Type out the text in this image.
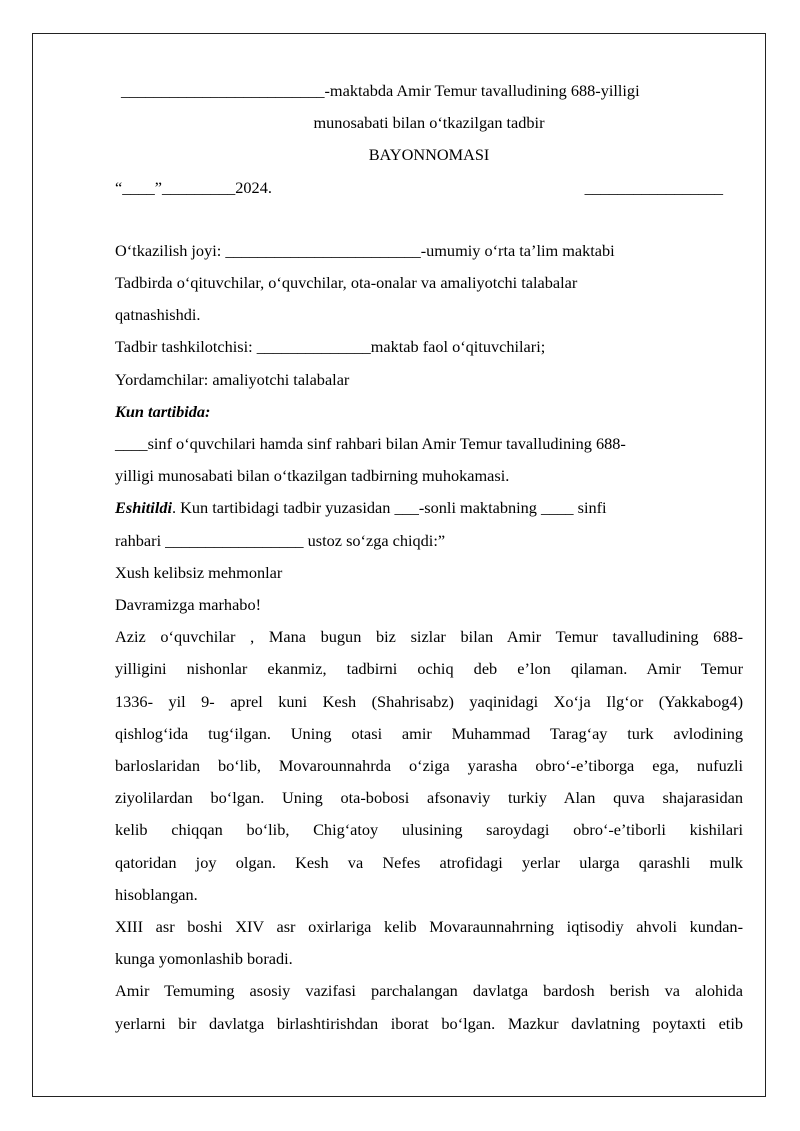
_________________________-maktabda Amir Temur tavalludining 688-yilligi
munosabati bilan o‘tkazilgan tadbir
BAYONNOMASI
“____”_________2024.	_________________
O‘tkazilish joyi: ________________________-umumiy o‘rta ta’lim maktabi
Tadbirda o‘qituvchilar, o‘quvchilar, ota-onalar va amaliyotchi talabalar
qatnashishdi.
Tadbir tashkilotchisi: ______________maktab faol o‘qituvchilari;
Yordamchilar: amaliyotchi talabalar
Kun tartibida:
____sinf o‘quvchilari hamda sinf rahbari bilan Amir Temur tavalludining 688-
yilligi munosabati bilan o‘tkazilgan tadbirning muhokamasi.
Eshitildi. Kun tartibidagi tadbir yuzasidan ___-sonli maktabning ____ sinfi
rahbari _________________ ustoz so‘zga chiqdi:”
Xush kelibsiz mehmonlar
Davramizga marhabo!
Aziz o‘quvchilar , Mana bugun biz sizlar bilan Amir Temur tavalludining 688-
yilligini nishonlar ekanmiz, tadbirni ochiq deb e’lon qilaman. Amir Temur
1336- yil 9- aprel kuni Kesh (Shahrisabz) yaqinidagi Xo‘ja Ilg‘or (Yakkabog4)
qishlog‘ida tug‘ilgan. Uning otasi amir Muhammad Tarag‘ay turk avlodining
barloslaridan bo‘lib, Movarounnahrda o‘ziga yarasha obro‘-e’tiborga ega, nufuzli
ziyolilardan bo‘lgan. Uning ota-bobosi afsonaviy turkiy Alan quva shajarasidan
kelib chiqqan bo‘lib, Chig‘atoy ulusining saroydagi obro‘-e’tiborli kishilari
qatoridan joy olgan. Kesh va Nefes atrofidagi yerlar ularga qarashli mulk
hisoblangan.
XIII asr boshi XIV asr oxirlariga kelib Movaraunnahrning iqtisodiy ahvoli kundan-
kunga yomonlashib boradi.
Amir Temuming asosiy vazifasi parchalangan davlatga bardosh berish va alohida
yerlarni bir davlatga birlashtirishdan iborat bo‘lgan. Mazkur davlatning poytaxti etib
